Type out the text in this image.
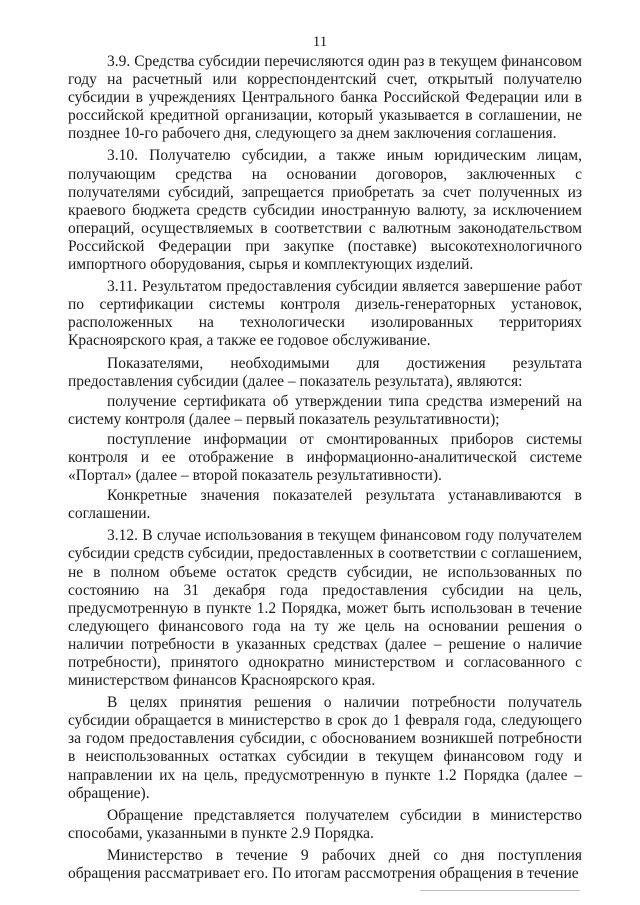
11

3.9. Средства субсидии перечисляются один раз в текущем финансовом году на расчетный или корреспондентский счет, открытый получателю субсидии в учреждениях Центрального банка Российской Федерации или в российской кредитной организации, который указывается в соглашении, не позднее 10-го рабочего дня, следующего за днем заключения соглашения.

3.10. Получателю субсидии, а также иным юридическим лицам, получающим средства на основании договоров, заключенных с получателями субсидий, запрещается приобретать за счет полученных из краевого бюджета средств субсидии иностранную валюту, за исключением операций, осуществляемых в соответствии с валютным законодательством Российской Федерации при закупке (поставке) высокотехнологичного импортного оборудования, сырья и комплектующих изделий.

3.11. Результатом предоставления субсидии является завершение работ по сертификации системы контроля дизель-генераторных установок, расположенных на технологически изолированных территориях Красноярского края, а также ее годовое обслуживание.

Показателями, необходимыми для достижения результата предоставления субсидии (далее – показатель результата), являются:

получение сертификата об утверждении типа средства измерений на систему контроля (далее – первый показатель результативности);

поступление информации от смонтированных приборов системы контроля и ее отображение в информационно-аналитической системе «Портал» (далее – второй показатель результативности).

Конкретные значения показателей результата устанавливаются в соглашении.

3.12. В случае использования в текущем финансовом году получателем субсидии средств субсидии, предоставленных в соответствии с соглашением, не в полном объеме остаток средств субсидии, не использованных по состоянию на 31 декабря года предоставления субсидии на цель, предусмотренную в пункте 1.2 Порядка, может быть использован в течение следующего финансового года на ту же цель на основании решения о наличии потребности в указанных средствах (далее – решение о наличие потребности), принятого однократно министерством и согласованного с министерством финансов Красноярского края.

В целях принятия решения о наличии потребности получатель субсидии обращается в министерство в срок до 1 февраля года, следующего за годом предоставления субсидии, с обоснованием возникшей потребности в неиспользованных остатках субсидии в текущем финансовом году и направлении их на цель, предусмотренную в пункте 1.2 Порядка (далее – обращение).

Обращение представляется получателем субсидии в министерство способами, указанными в пункте 2.9 Порядка.

Министерство в течение 9 рабочих дней со дня поступления обращения рассматривает его. По итогам рассмотрения обращения в течение
